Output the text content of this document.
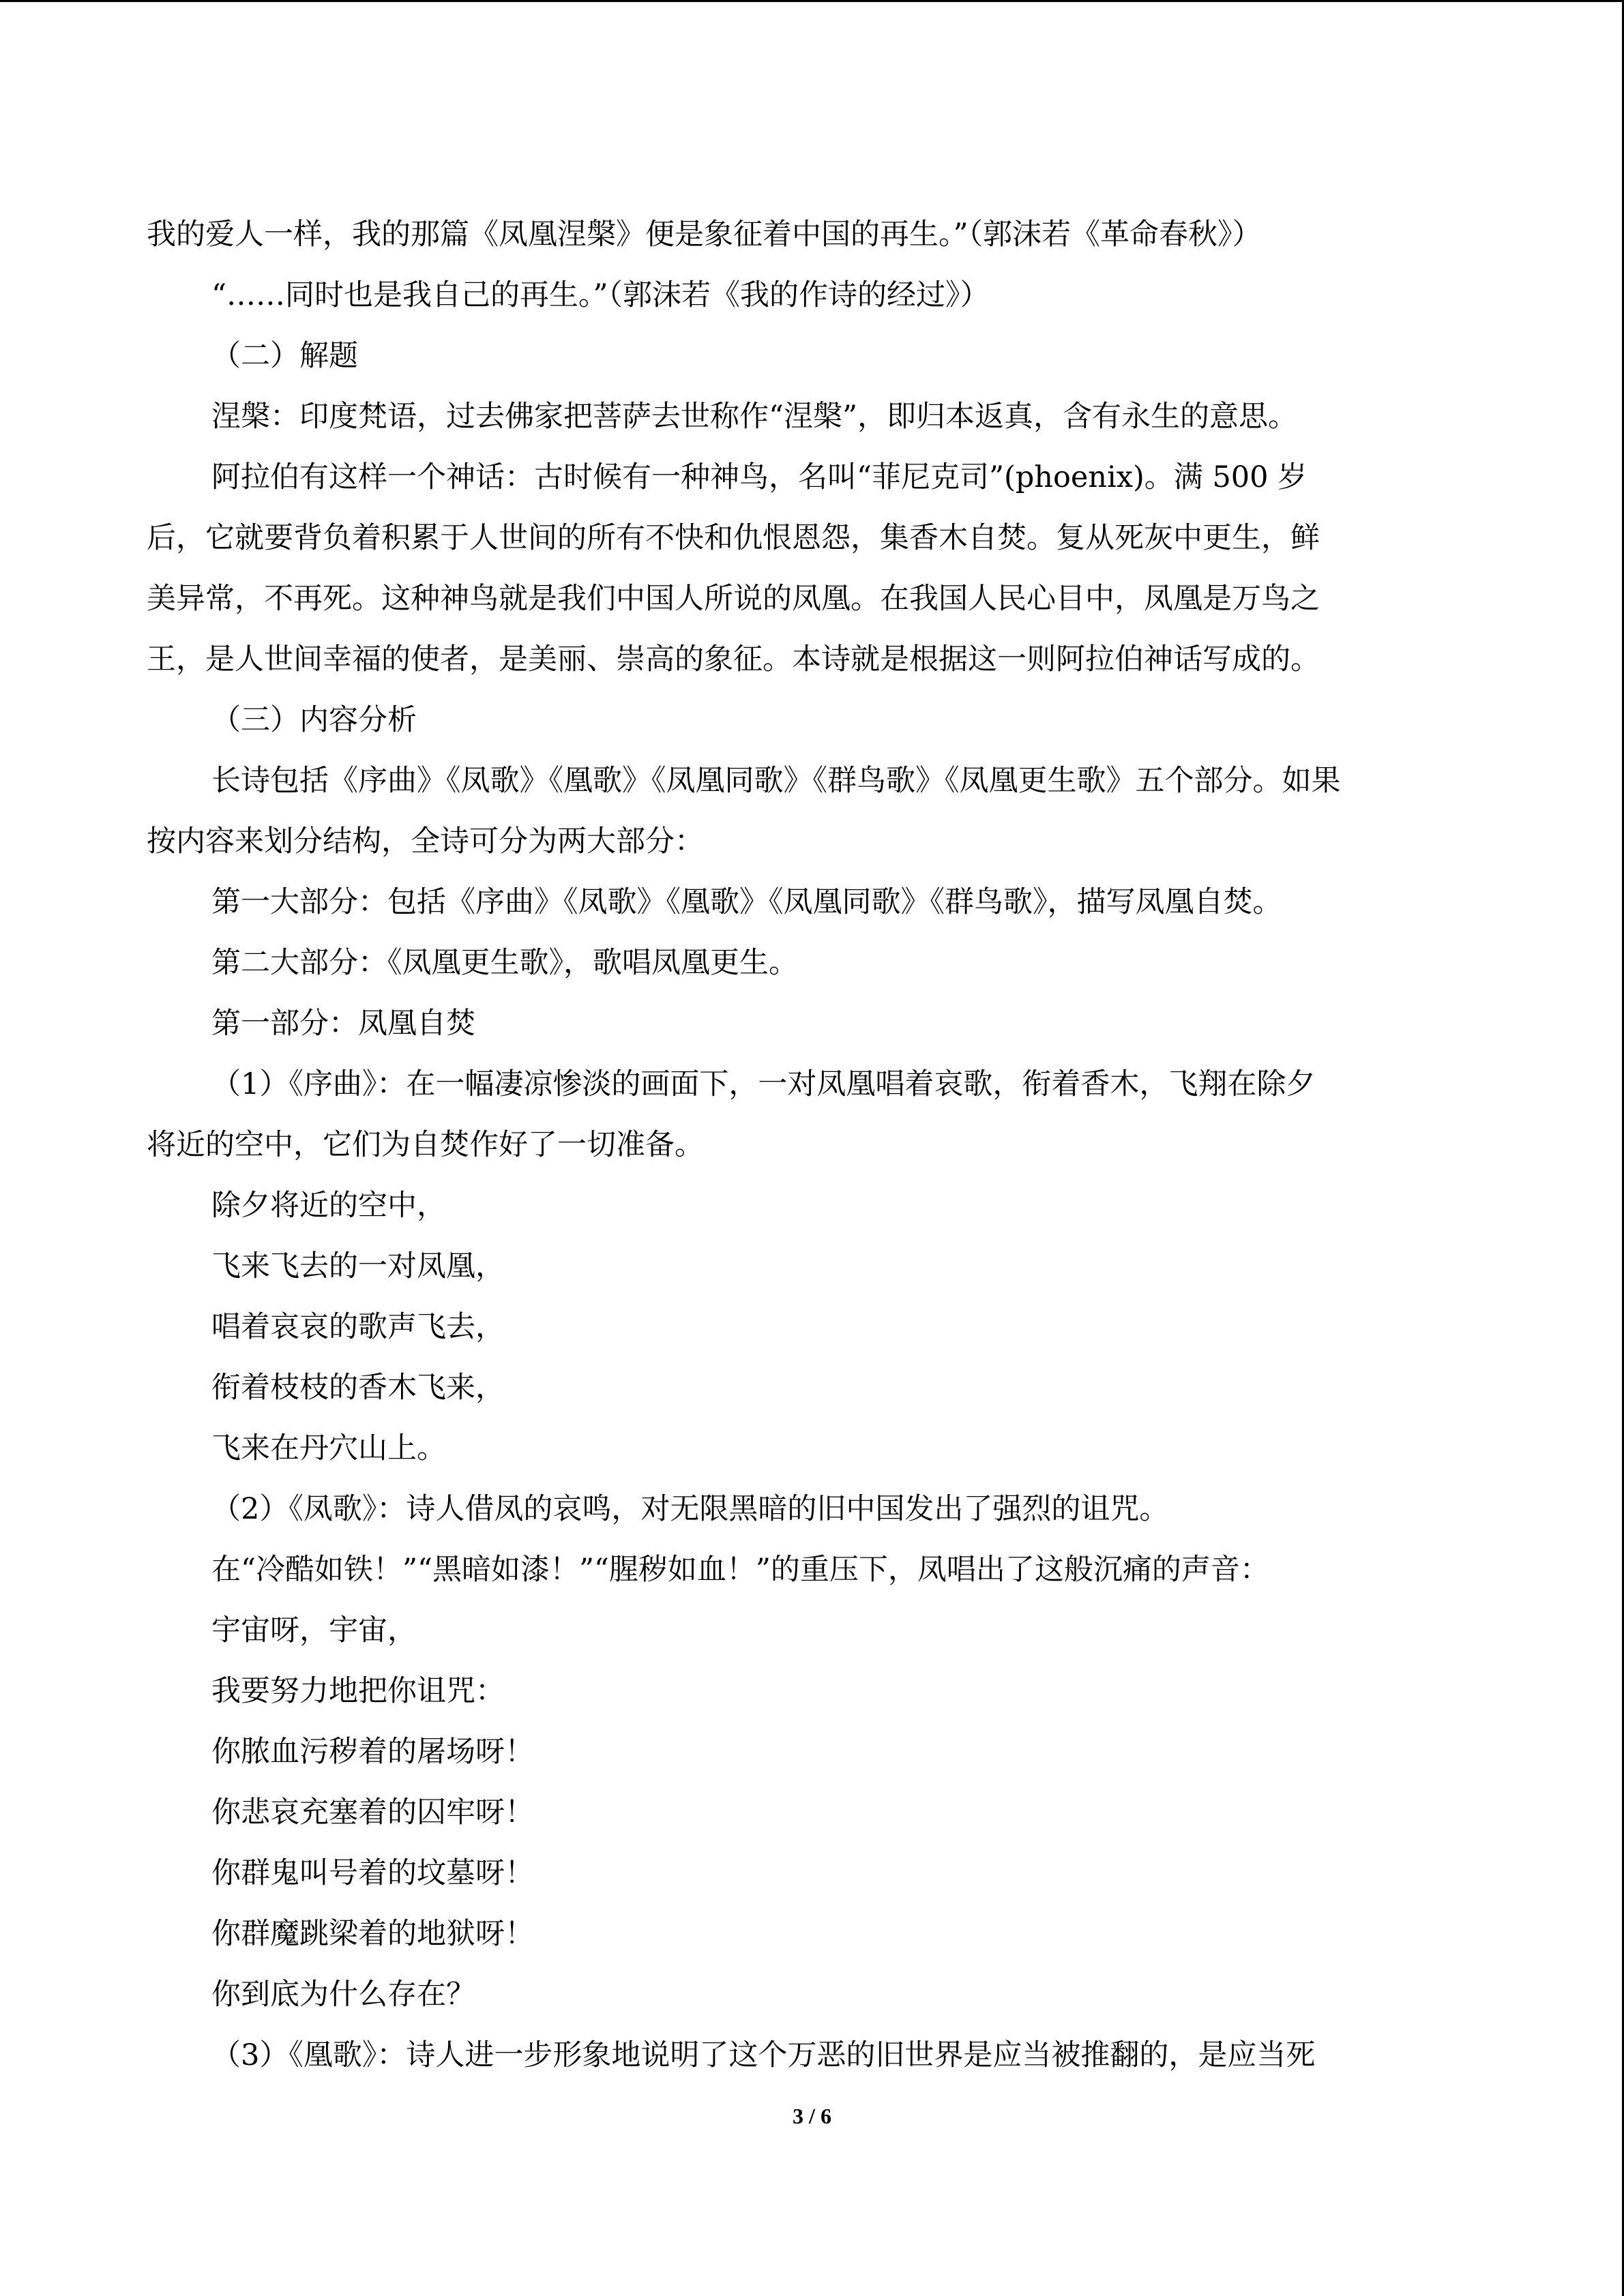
我的爱人一样，我的那篇《凤凰涅槃》便是象征着中国的再生。”（郭沫若《革命春秋》）

“……同时也是我自己的再生。”（郭沫若《我的作诗的经过》）

（二）解题

涅槃：印度梵语，过去佛家把菩萨去世称作“涅槃”，即归本返真，含有永生的意思。

阿拉伯有这样一个神话：古时候有一种神鸟，名叫“菲尼克司”(phoenix)。满 500 岁

后，它就要背负着积累于人世间的所有不快和仇恨恩怨，集香木自焚。复从死灰中更生，鲜

美异常，不再死。这种神鸟就是我们中国人所说的凤凰。在我国人民心目中，凤凰是万鸟之

王，是人世间幸福的使者，是美丽、崇高的象征。本诗就是根据这一则阿拉伯神话写成的。

（三）内容分析

长诗包括《序曲》《凤歌》《凰歌》《凤凰同歌》《群鸟歌》《凤凰更生歌》五个部分。如果

按内容来划分结构，全诗可分为两大部分：

第一大部分：包括《序曲》《凤歌》《凰歌》《凤凰同歌》《群鸟歌》，描写凤凰自焚。

第二大部分：《凤凰更生歌》，歌唱凤凰更生。

第一部分：凤凰自焚

（1）《序曲》：在一幅凄凉惨淡的画面下，一对凤凰唱着哀歌，衔着香木，飞翔在除夕

将近的空中，它们为自焚作好了一切准备。

除夕将近的空中，

飞来飞去的一对凤凰，

唱着哀哀的歌声飞去，

衔着枝枝的香木飞来，

飞来在丹穴山上。

（2）《凤歌》：诗人借凤的哀鸣，对无限黑暗的旧中国发出了强烈的诅咒。

在“冷酷如铁！”“黑暗如漆！”“腥秽如血！”的重压下，凤唱出了这般沉痛的声音：

宇宙呀，宇宙，

我要努力地把你诅咒：

你脓血污秽着的屠场呀！

你悲哀充塞着的囚牢呀！

你群鬼叫号着的坟墓呀！

你群魔跳梁着的地狱呀！

你到底为什么存在？

（3）《凰歌》：诗人进一步形象地说明了这个万恶的旧世界是应当被推翻的，是应当死

3 / 6
